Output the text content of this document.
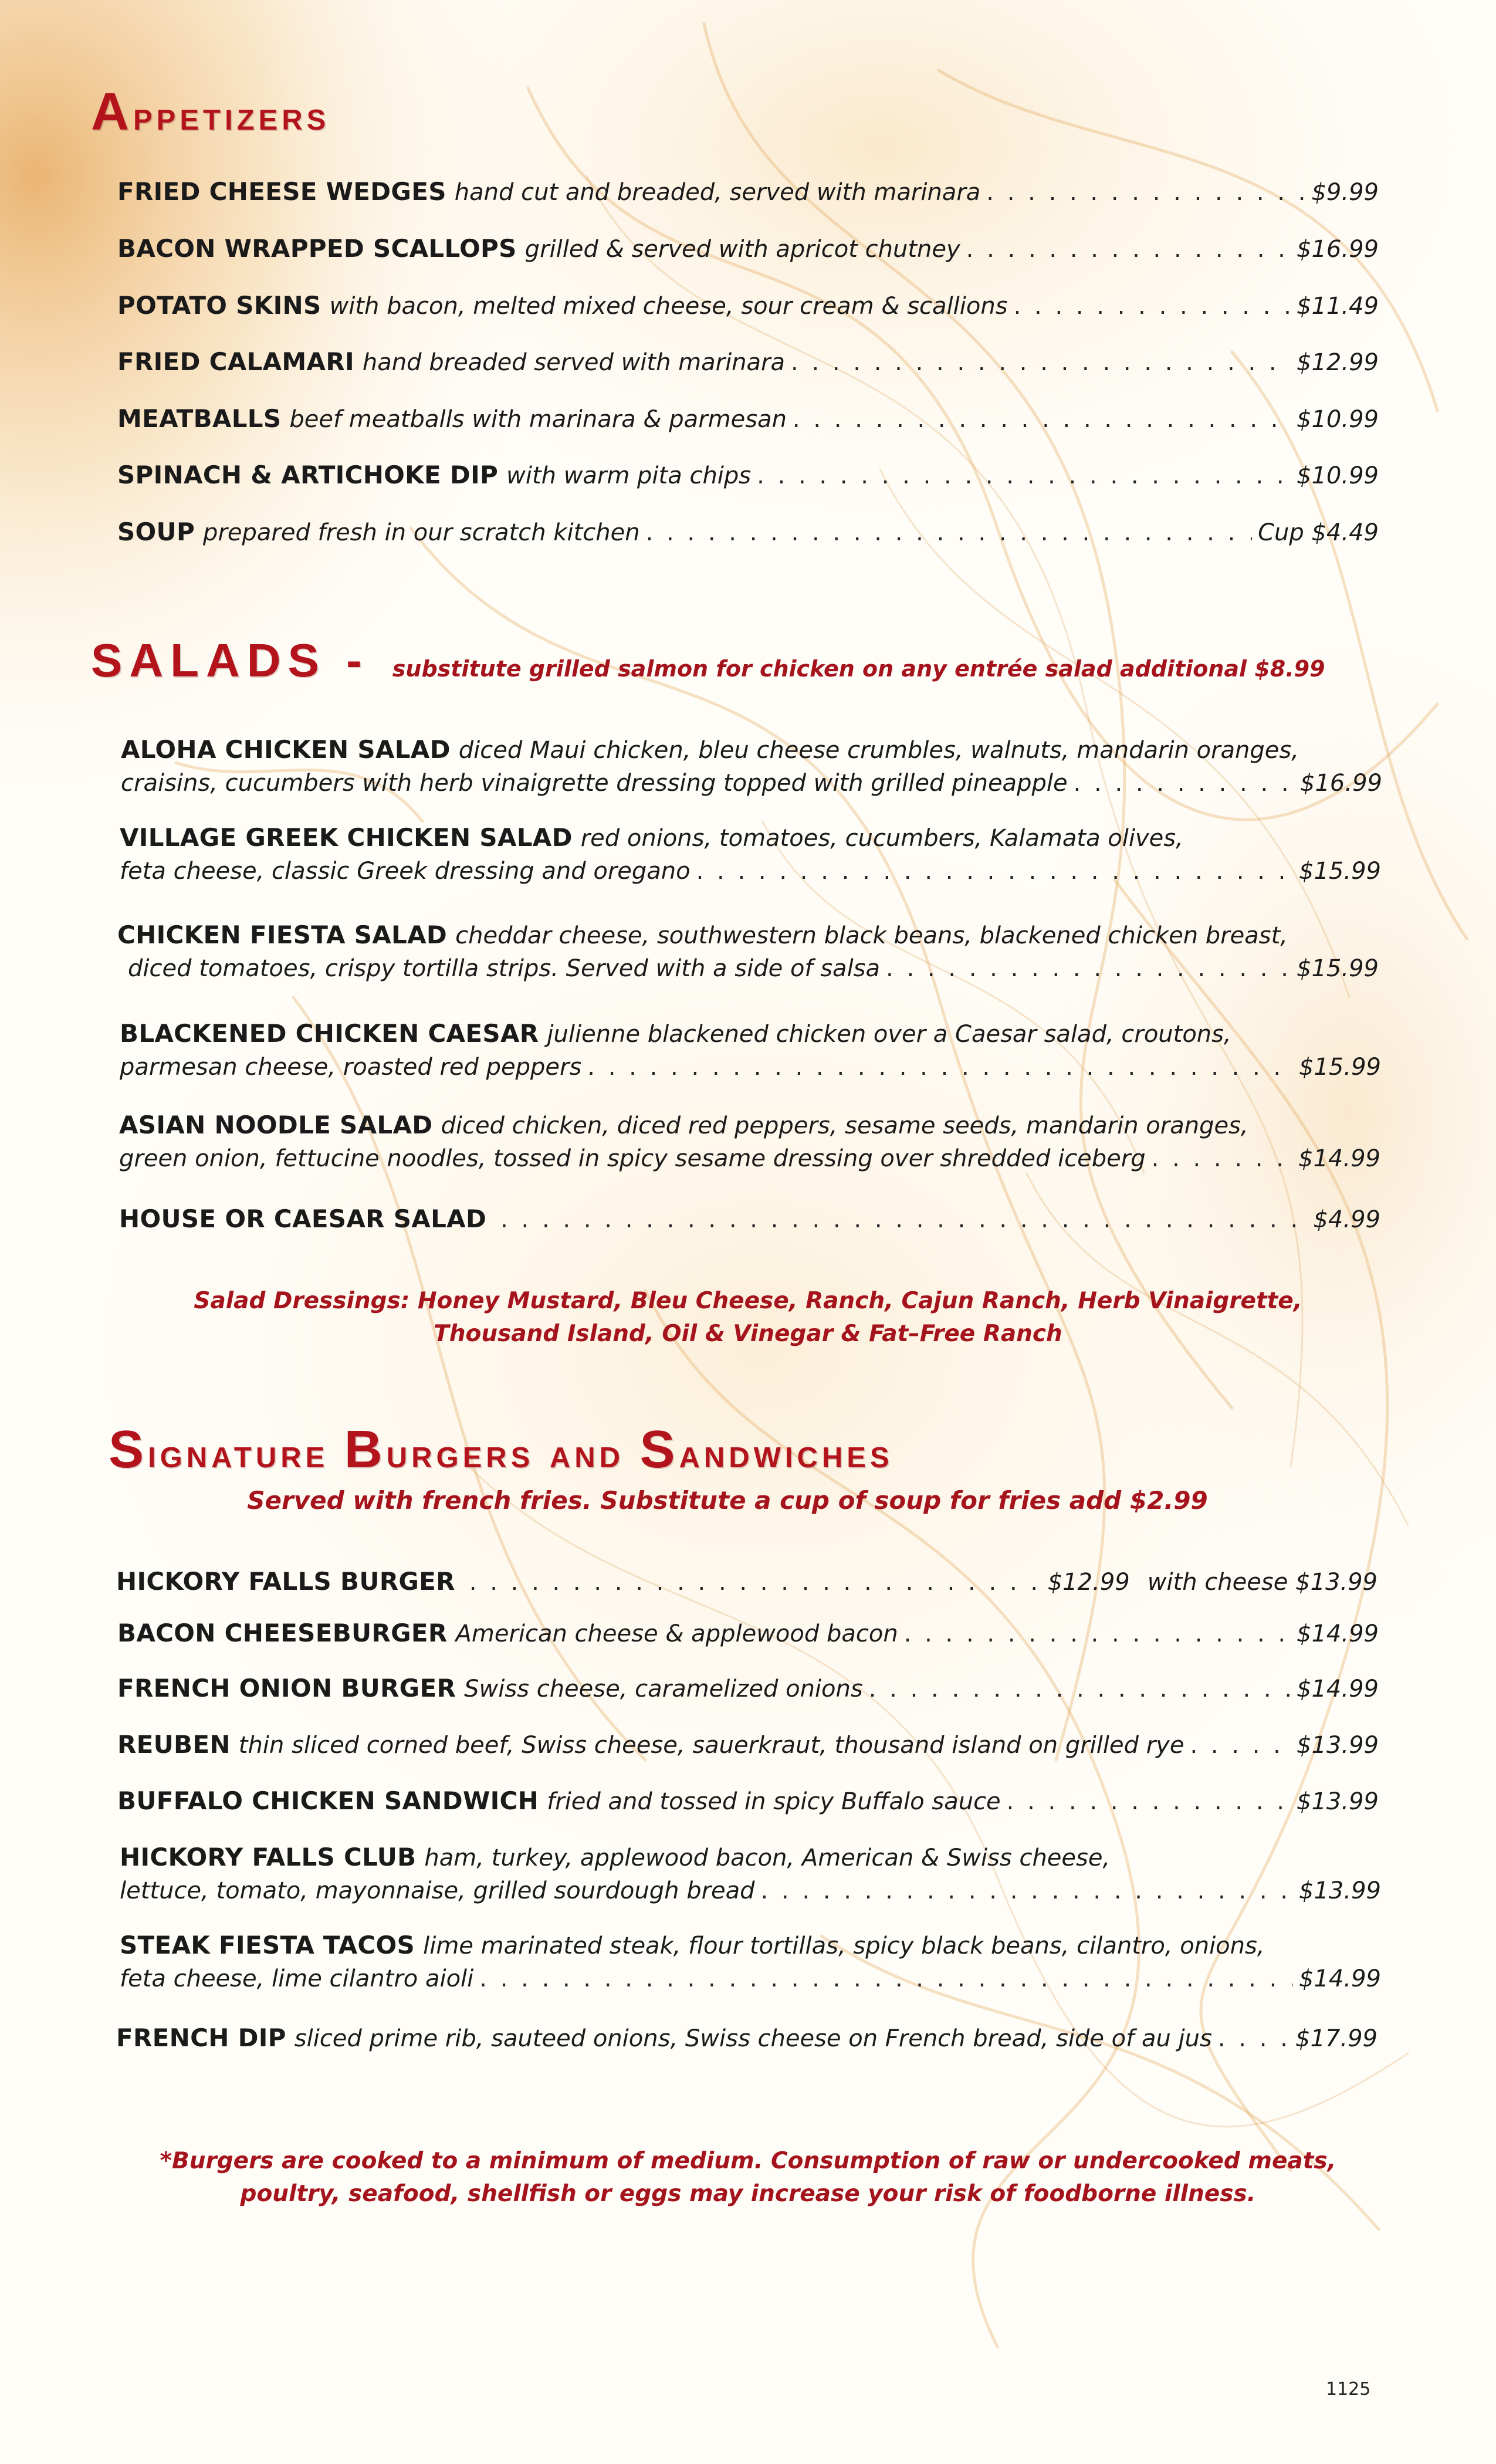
Appetizers
FRIED CHEESE WEDGES hand cut and breaded, served with marinara . . .	$9.99
BACON WRAPPED SCALLOPS grilled & served with apricot chutney . . .	$16.99
POTATO SKINS with bacon, melted mixed cheese, sour cream & scallions . . .	$11.49
FRIED CALAMARI hand breaded served with marinara . . .	$12.99
MEATBALLS beef meatballs with marinara & parmesan . . .	$10.99
SPINACH & ARTICHOKE DIP with warm pita chips . . .	$10.99
SOUP prepared fresh in our scratch kitchen . . .	Cup $4.49
SALADS - substitute grilled salmon for chicken on any entrée salad additional $8.99
ALOHA CHICKEN SALAD diced Maui chicken, bleu cheese crumbles, walnuts, mandarin oranges,
craisins, cucumbers with herb vinaigrette dressing topped with grilled pineapple . . .	$16.99
VILLAGE GREEK CHICKEN SALAD red onions, tomatoes, cucumbers, Kalamata olives,
feta cheese, classic Greek dressing and oregano . . .	$15.99
CHICKEN FIESTA SALAD cheddar cheese, southwestern black beans, blackened chicken breast,
diced tomatoes, crispy tortilla strips. Served with a side of salsa . . .	$15.99
BLACKENED CHICKEN CAESAR julienne blackened chicken over a Caesar salad, croutons,
parmesan cheese, roasted red peppers . . .	$15.99
ASIAN NOODLE SALAD diced chicken, diced red peppers, sesame seeds, mandarin oranges,
green onion, fettucine noodles, tossed in spicy sesame dressing over shredded iceberg . . .	$14.99
HOUSE OR CAESAR SALAD . . .	$4.99
Salad Dressings: Honey Mustard, Bleu Cheese, Ranch, Cajun Ranch, Herb Vinaigrette,
Thousand Island, Oil & Vinegar & Fat–Free Ranch
Signature Burgers and Sandwiches
Served with french fries. Substitute a cup of soup for fries add $2.99
HICKORY FALLS BURGER . . .	$12.99 with cheese $13.99
BACON CHEESEBURGER American cheese & applewood bacon . . .	$14.99
FRENCH ONION BURGER Swiss cheese, caramelized onions . . .	$14.99
REUBEN thin sliced corned beef, Swiss cheese, sauerkraut, thousand island on grilled rye . . .	$13.99
BUFFALO CHICKEN SANDWICH fried and tossed in spicy Buffalo sauce . . .	$13.99
HICKORY FALLS CLUB ham, turkey, applewood bacon, American & Swiss cheese,
lettuce, tomato, mayonnaise, grilled sourdough bread . . .	$13.99
STEAK FIESTA TACOS lime marinated steak, flour tortillas, spicy black beans, cilantro, onions,
feta cheese, lime cilantro aioli . . .	$14.99
FRENCH DIP sliced prime rib, sauteed onions, Swiss cheese on French bread, side of au jus . . .	$17.99
*Burgers are cooked to a minimum of medium. Consumption of raw or undercooked meats,
poultry, seafood, shellfish or eggs may increase your risk of foodborne illness.
1125
